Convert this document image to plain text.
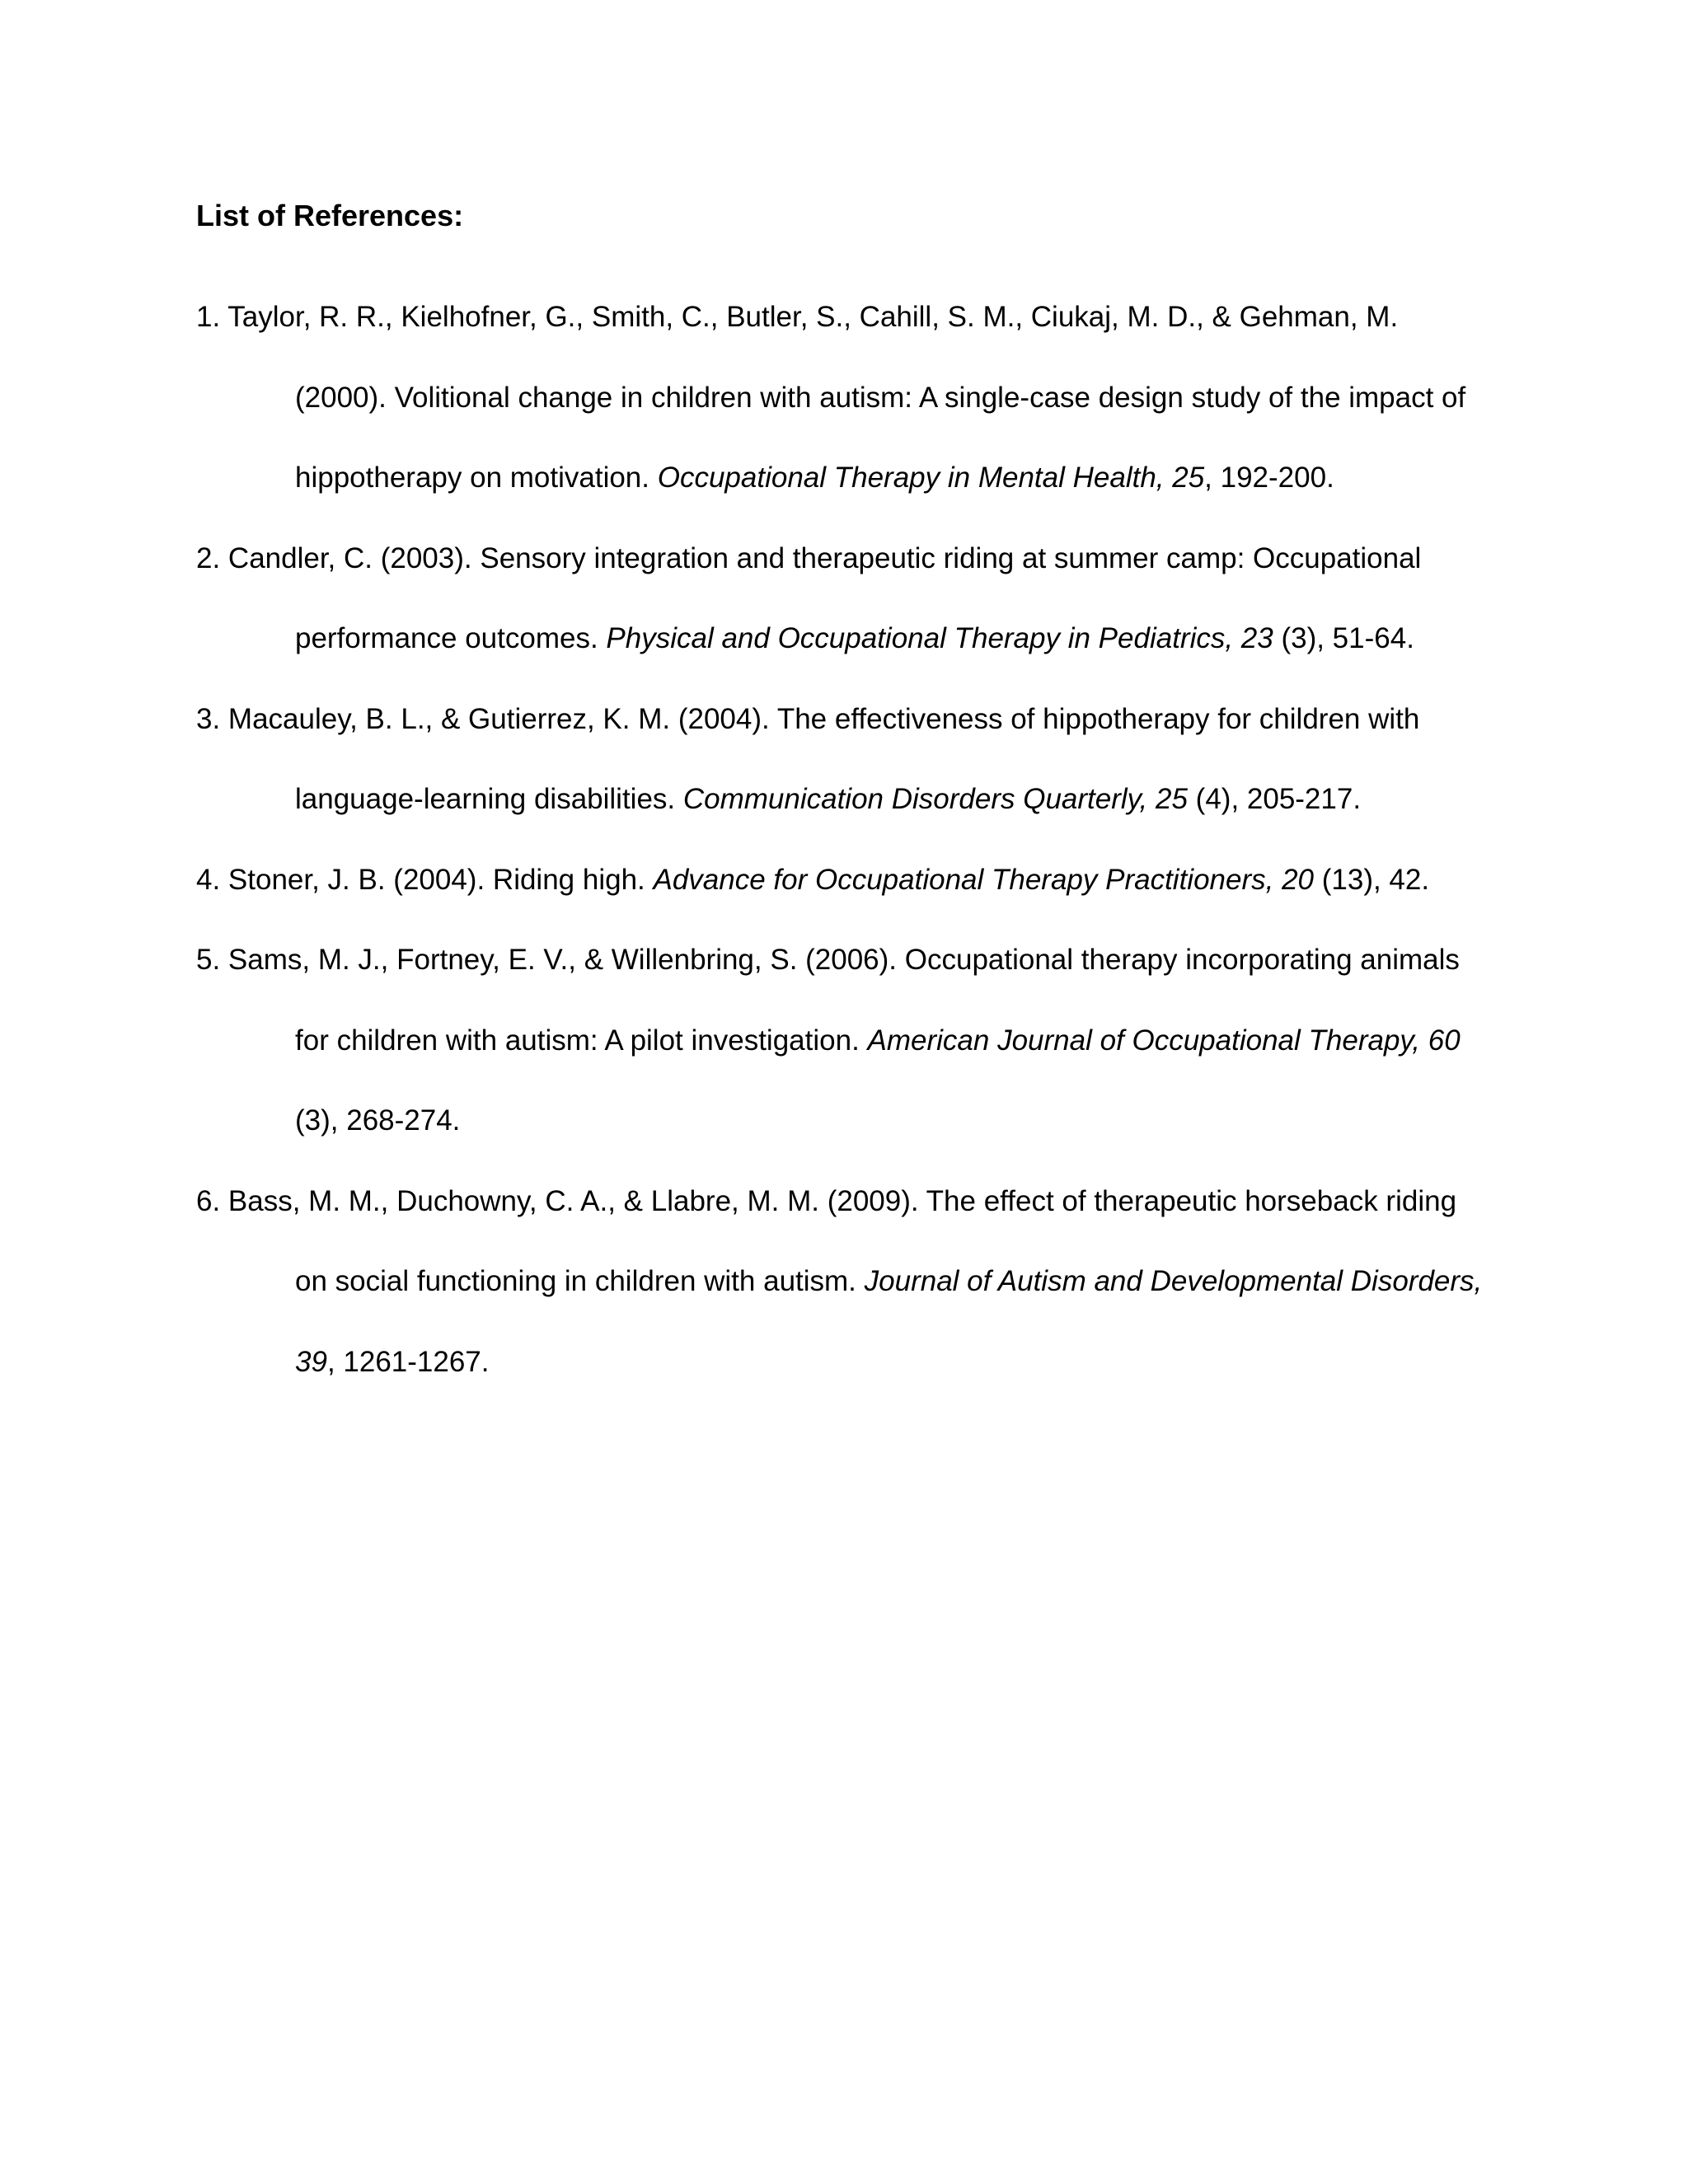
List of References:
1. Taylor, R. R., Kielhofner, G., Smith, C., Butler, S., Cahill, S. M., Ciukaj, M. D., & Gehman, M. (2000). Volitional change in children with autism: A single-case design study of the impact of hippotherapy on motivation. Occupational Therapy in Mental Health, 25, 192-200.
2. Candler, C. (2003). Sensory integration and therapeutic riding at summer camp: Occupational performance outcomes. Physical and Occupational Therapy in Pediatrics, 23 (3), 51-64.
3. Macauley, B. L., & Gutierrez, K. M. (2004). The effectiveness of hippotherapy for children with language-learning disabilities. Communication Disorders Quarterly, 25 (4), 205-217.
4. Stoner, J. B. (2004). Riding high. Advance for Occupational Therapy Practitioners, 20 (13), 42.
5. Sams, M. J., Fortney, E. V., & Willenbring, S. (2006). Occupational therapy incorporating animals for children with autism: A pilot investigation. American Journal of Occupational Therapy, 60 (3), 268-274.
6. Bass, M. M., Duchowny, C. A., & Llabre, M. M. (2009). The effect of therapeutic horseback riding on social functioning in children with autism. Journal of Autism and Developmental Disorders, 39, 1261-1267.
